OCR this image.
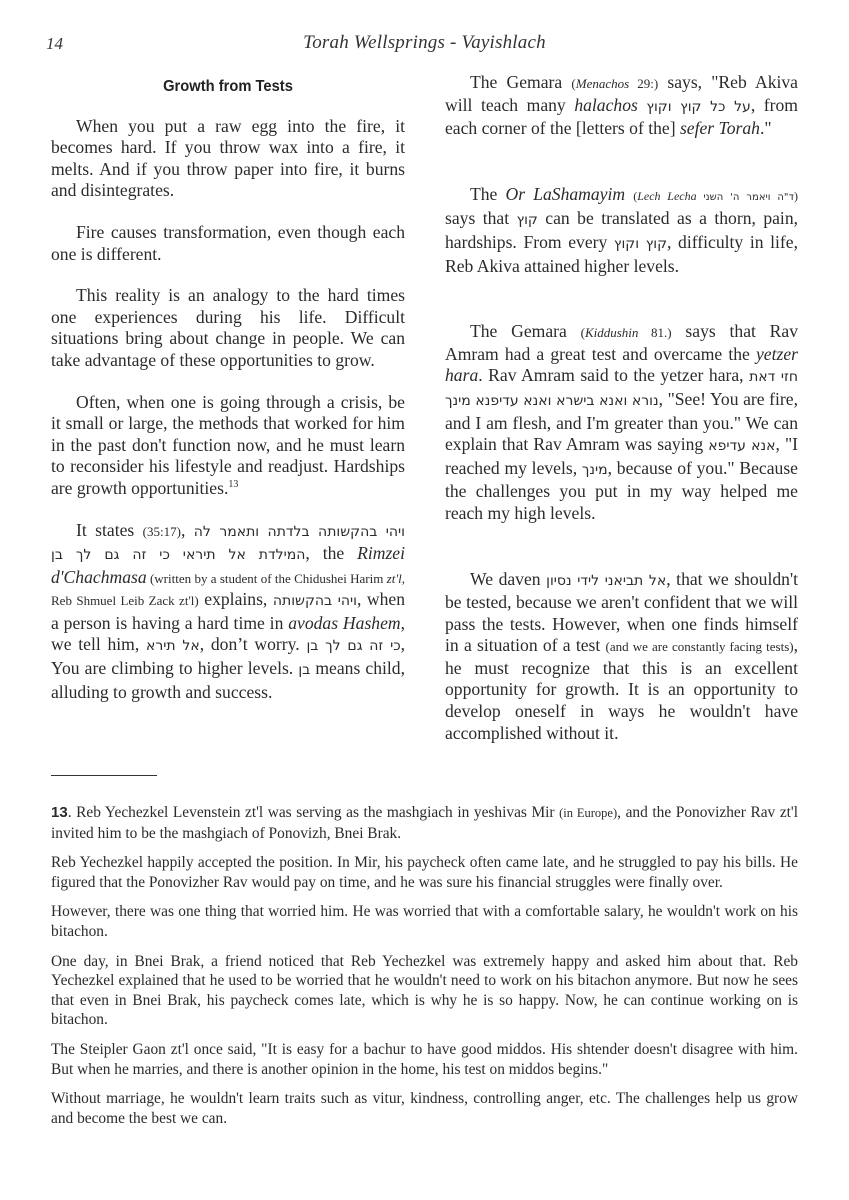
14	Torah Wellsprings - Vayishlach
Growth from Tests

When you put a raw egg into the fire, it becomes hard. If you throw wax into a fire, it melts. And if you throw paper into fire, it burns and disintegrates.

Fire causes transformation, even though each one is different.

This reality is an analogy to the hard times one experiences during his life. Difficult situations bring about change in people. We can take advantage of these opportunities to grow.

Often, when one is going through a crisis, be it small or large, the methods that worked for him in the past don't function now, and he must learn to reconsider his lifestyle and readjust. Hardships are growth opportunities.$^{13}$

It states (35:17), ויהי בהקשותה בלדתה ותאמר לה המילדת אל תיראי כי זה גם לך בן, the Rimzei d'Chachmasa (written by a student of the Chidushei Harim zt'l, Reb Shmuel Leib Zack zt'l) explains, ויהי בהקשותה, when a person is having a hard time in avodas Hashem, we tell him, אל תירא, don’t worry. כי זה גם לך בן, You are climbing to higher levels. בן means child, alluding to growth and success.

The Gemara (Menachos 29:) says, "Reb Akiva will teach many halachos על כל קוץ וקוץ, from each corner of the [letters of the] sefer Torah."

The Or LaShamayim (Lech Lecha ד"ה ויאמר ה' השני) says that קוץ can be translated as a thorn, pain, hardships. From every קוץ וקוץ, difficulty in life, Reb Akiva attained higher levels.

The Gemara (Kiddushin 81.) says that Rav Amram had a great test and overcame the yetzer hara. Rav Amram said to the yetzer hara, חזי דאת נורא ואנא בישרא ואנא עדיפנא מינך, "See! You are fire, and I am flesh, and I'm greater than you." We can explain that Rav Amram was saying אנא עדיפא, "I reached my levels, מינך, because of you." Because the challenges you put in my way helped me reach my high levels.

We daven אל תביאני לידי נסיון, that we shouldn't be tested, because we aren't confident that we will pass the tests. However, when one finds himself in a situation of a test (and we are constantly facing tests), he must recognize that this is an excellent opportunity for growth. It is an opportunity to develop oneself in ways he wouldn't have accomplished without it.

13. Reb Yechezkel Levenstein zt'l was serving as the mashgiach in yeshivas Mir (in Europe), and the Ponovizher Rav zt'l invited him to be the mashgiach of Ponovizh, Bnei Brak.

Reb Yechezkel happily accepted the position. In Mir, his paycheck often came late, and he struggled to pay his bills. He figured that the Ponovizher Rav would pay on time, and he was sure his financial struggles were finally over.

However, there was one thing that worried him. He was worried that with a comfortable salary, he wouldn't work on his bitachon.

One day, in Bnei Brak, a friend noticed that Reb Yechezkel was extremely happy and asked him about that. Reb Yechezkel explained that he used to be worried that he wouldn't need to work on his bitachon anymore. But now he sees that even in Bnei Brak, his paycheck comes late, which is why he is so happy. Now, he can continue working on is bitachon.

The Steipler Gaon zt'l once said, "It is easy for a bachur to have good middos. His shtender doesn't disagree with him. But when he marries, and there is another opinion in the home, his test on middos begins."

Without marriage, he wouldn't learn traits such as vitur, kindness, controlling anger, etc. The challenges help us grow and become the best we can.
